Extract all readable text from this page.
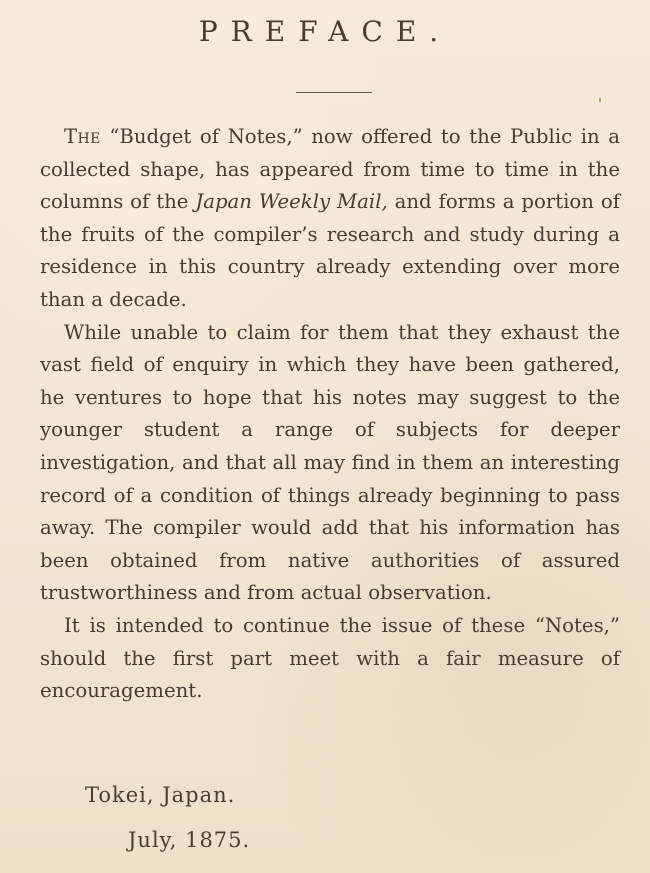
PREFACE.

The “Budget of Notes,” now offered to the Public in a collected shape, has appeared from time to time in the columns of the Japan Weekly Mail, and forms a portion of the fruits of the compiler’s research and study during a residence in this country already extending over more than a decade.

While unable to claim for them that they exhaust the vast field of enquiry in which they have been gathered, he ventures to hope that his notes may suggest to the younger student a range of subjects for deeper investigation, and that all may find in them an interesting record of a condition of things already beginning to pass away. The compiler would add that his information has been obtained from native authorities of assured trustworthiness and from actual observation.

It is intended to continue the issue of these “Notes,” should the first part meet with a fair measure of encouragement.

Tokei, Japan.
July, 1875.
